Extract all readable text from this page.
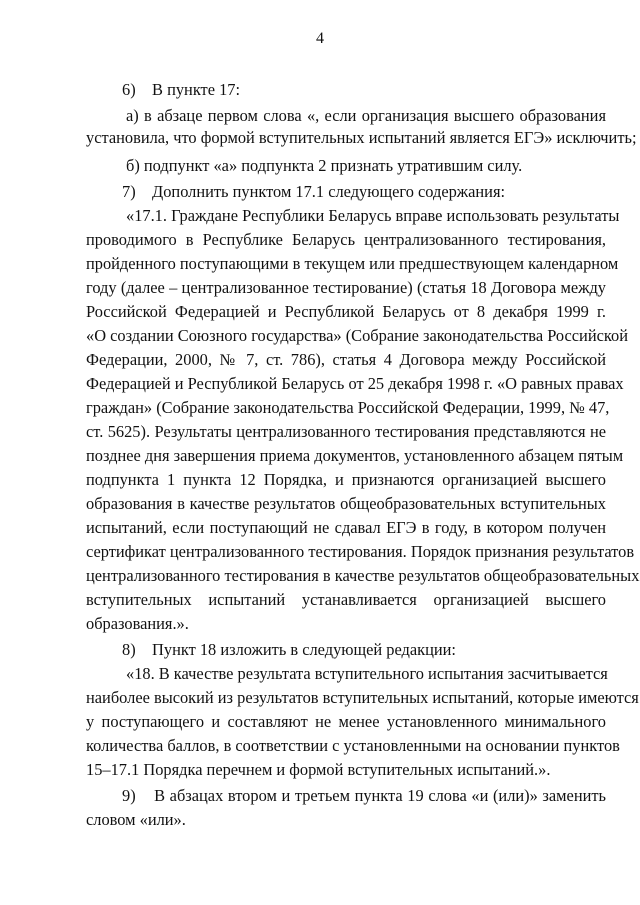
4
6)    В пункте 17:
а) в абзаце первом слова «, если организация высшего образования
установила, что формой вступительных испытаний является ЕГЭ» исключить;
б) подпункт «а» подпункта 2 признать утратившим силу.
7)    Дополнить пунктом 17.1 следующего содержания:
«17.1. Граждане Республики Беларусь вправе использовать результаты
проводимого в Республике Беларусь централизованного тестирования,
пройденного поступающими в текущем или предшествующем календарном
году (далее – централизованное тестирование) (статья 18 Договора между
Российской Федерацией и Республикой Беларусь от 8 декабря 1999 г.
«О создании Союзного государства» (Собрание законодательства Российской
Федерации, 2000, № 7, ст. 786), статья 4 Договора между Российской
Федерацией и Республикой Беларусь от 25 декабря 1998 г. «О равных правах
граждан» (Собрание законодательства Российской Федерации, 1999, № 47,
ст. 5625). Результаты централизованного тестирования представляются не
позднее дня завершения приема документов, установленного абзацем пятым
подпункта 1 пункта 12 Порядка, и признаются организацией высшего
образования в качестве результатов общеобразовательных вступительных
испытаний, если поступающий не сдавал ЕГЭ в году, в котором получен
сертификат централизованного тестирования. Порядок признания результатов
централизованного тестирования в качестве результатов общеобразовательных
вступительных испытаний устанавливается организацией высшего
образования.».
8)    Пункт 18 изложить в следующей редакции:
«18. В качестве результата вступительного испытания засчитывается
наиболее высокий из результатов вступительных испытаний, которые имеются
у поступающего и составляют не менее установленного минимального
количества баллов, в соответствии с установленными на основании пунктов
15–17.1 Порядка перечнем и формой вступительных испытаний.».
9)    В абзацах втором и третьем пункта 19 слова «и (или)» заменить
словом «или».
